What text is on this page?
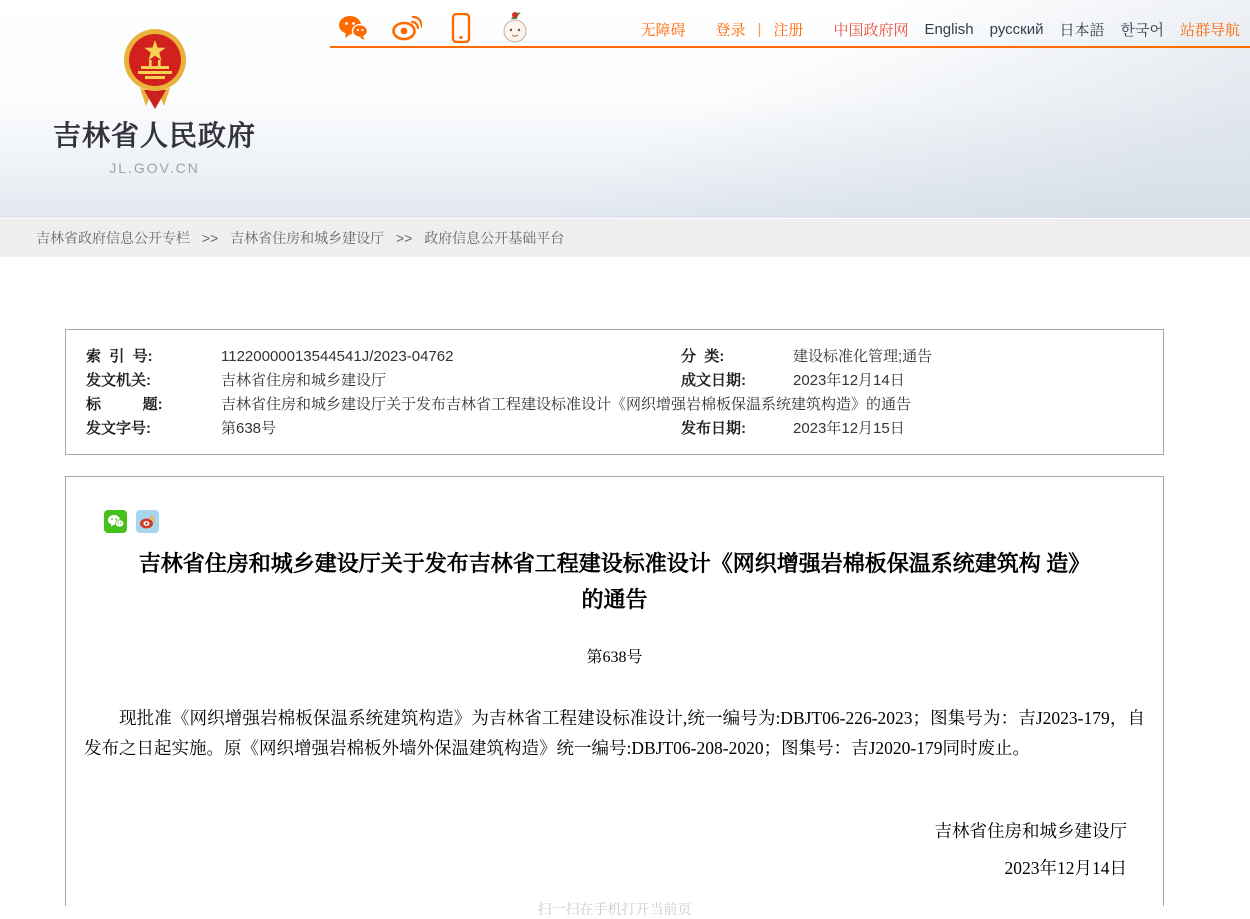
吉林省人民政府
JL.GOV.CN
无障碍 登录 | 注册 中国政府网 English русский 日本語 한국어 站群导航
吉林省政府信息公开专栏 >> 吉林省住房和城乡建设厅 >> 政府信息公开基础平台
索  引  号:	11220000013544541J/2023-04762	分  类:	建设标准化管理;通告
发文机关:	吉林省住房和城乡建设厅	成文日期:	2023年12月14日
标          题:	吉林省住房和城乡建设厅关于发布吉林省工程建设标准设计《网织增强岩棉板保温系统建筑构造》的通告
发文字号:	第638号	发布日期:	2023年12月15日
吉林省住房和城乡建设厅关于发布吉林省工程建设标准设计《网织增强岩棉板保温系统建筑构 造》的通告
第638号
现批准《网织增强岩棉板保温系统建筑构造》为吉林省工程建设标准设计,统一编号为:DBJT06-226-2023；图集号为：吉J2023-179，自发布之日起实施。原《网织增强岩棉板外墙外保温建筑构造》统一编号:DBJT06-208-2020；图集号：吉J2020-179同时废止。
吉林省住房和城乡建设厅
2023年12月14日
扫一扫在手机打开当前页
